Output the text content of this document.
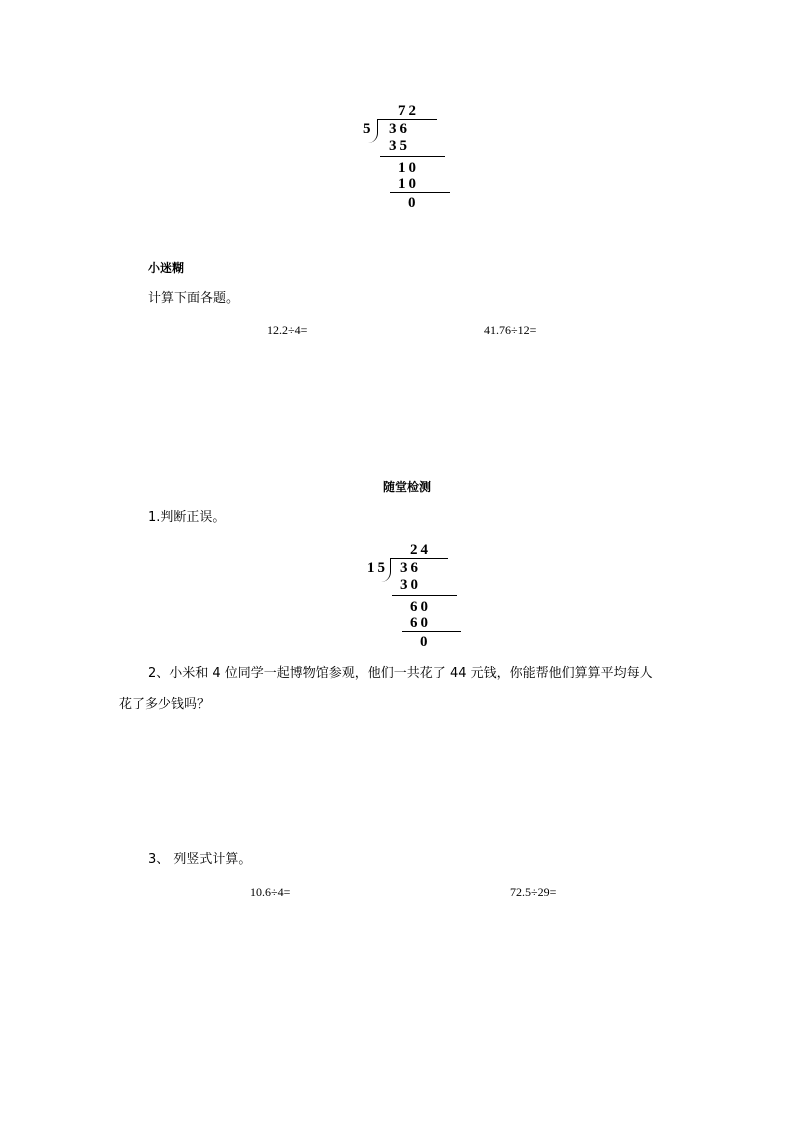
72
5 36
35
10
10
0
小迷糊
计算下面各题。
12.2÷4=	41.76÷12=
随堂检测
1.判断正误。
24
15 36
30
60
60
0
2、小米和 4 位同学一起博物馆参观，他们一共花了 44 元钱，你能帮他们算算平均每人
花了多少钱吗？
3、 列竖式计算。
10.6÷4=	72.5÷29=
